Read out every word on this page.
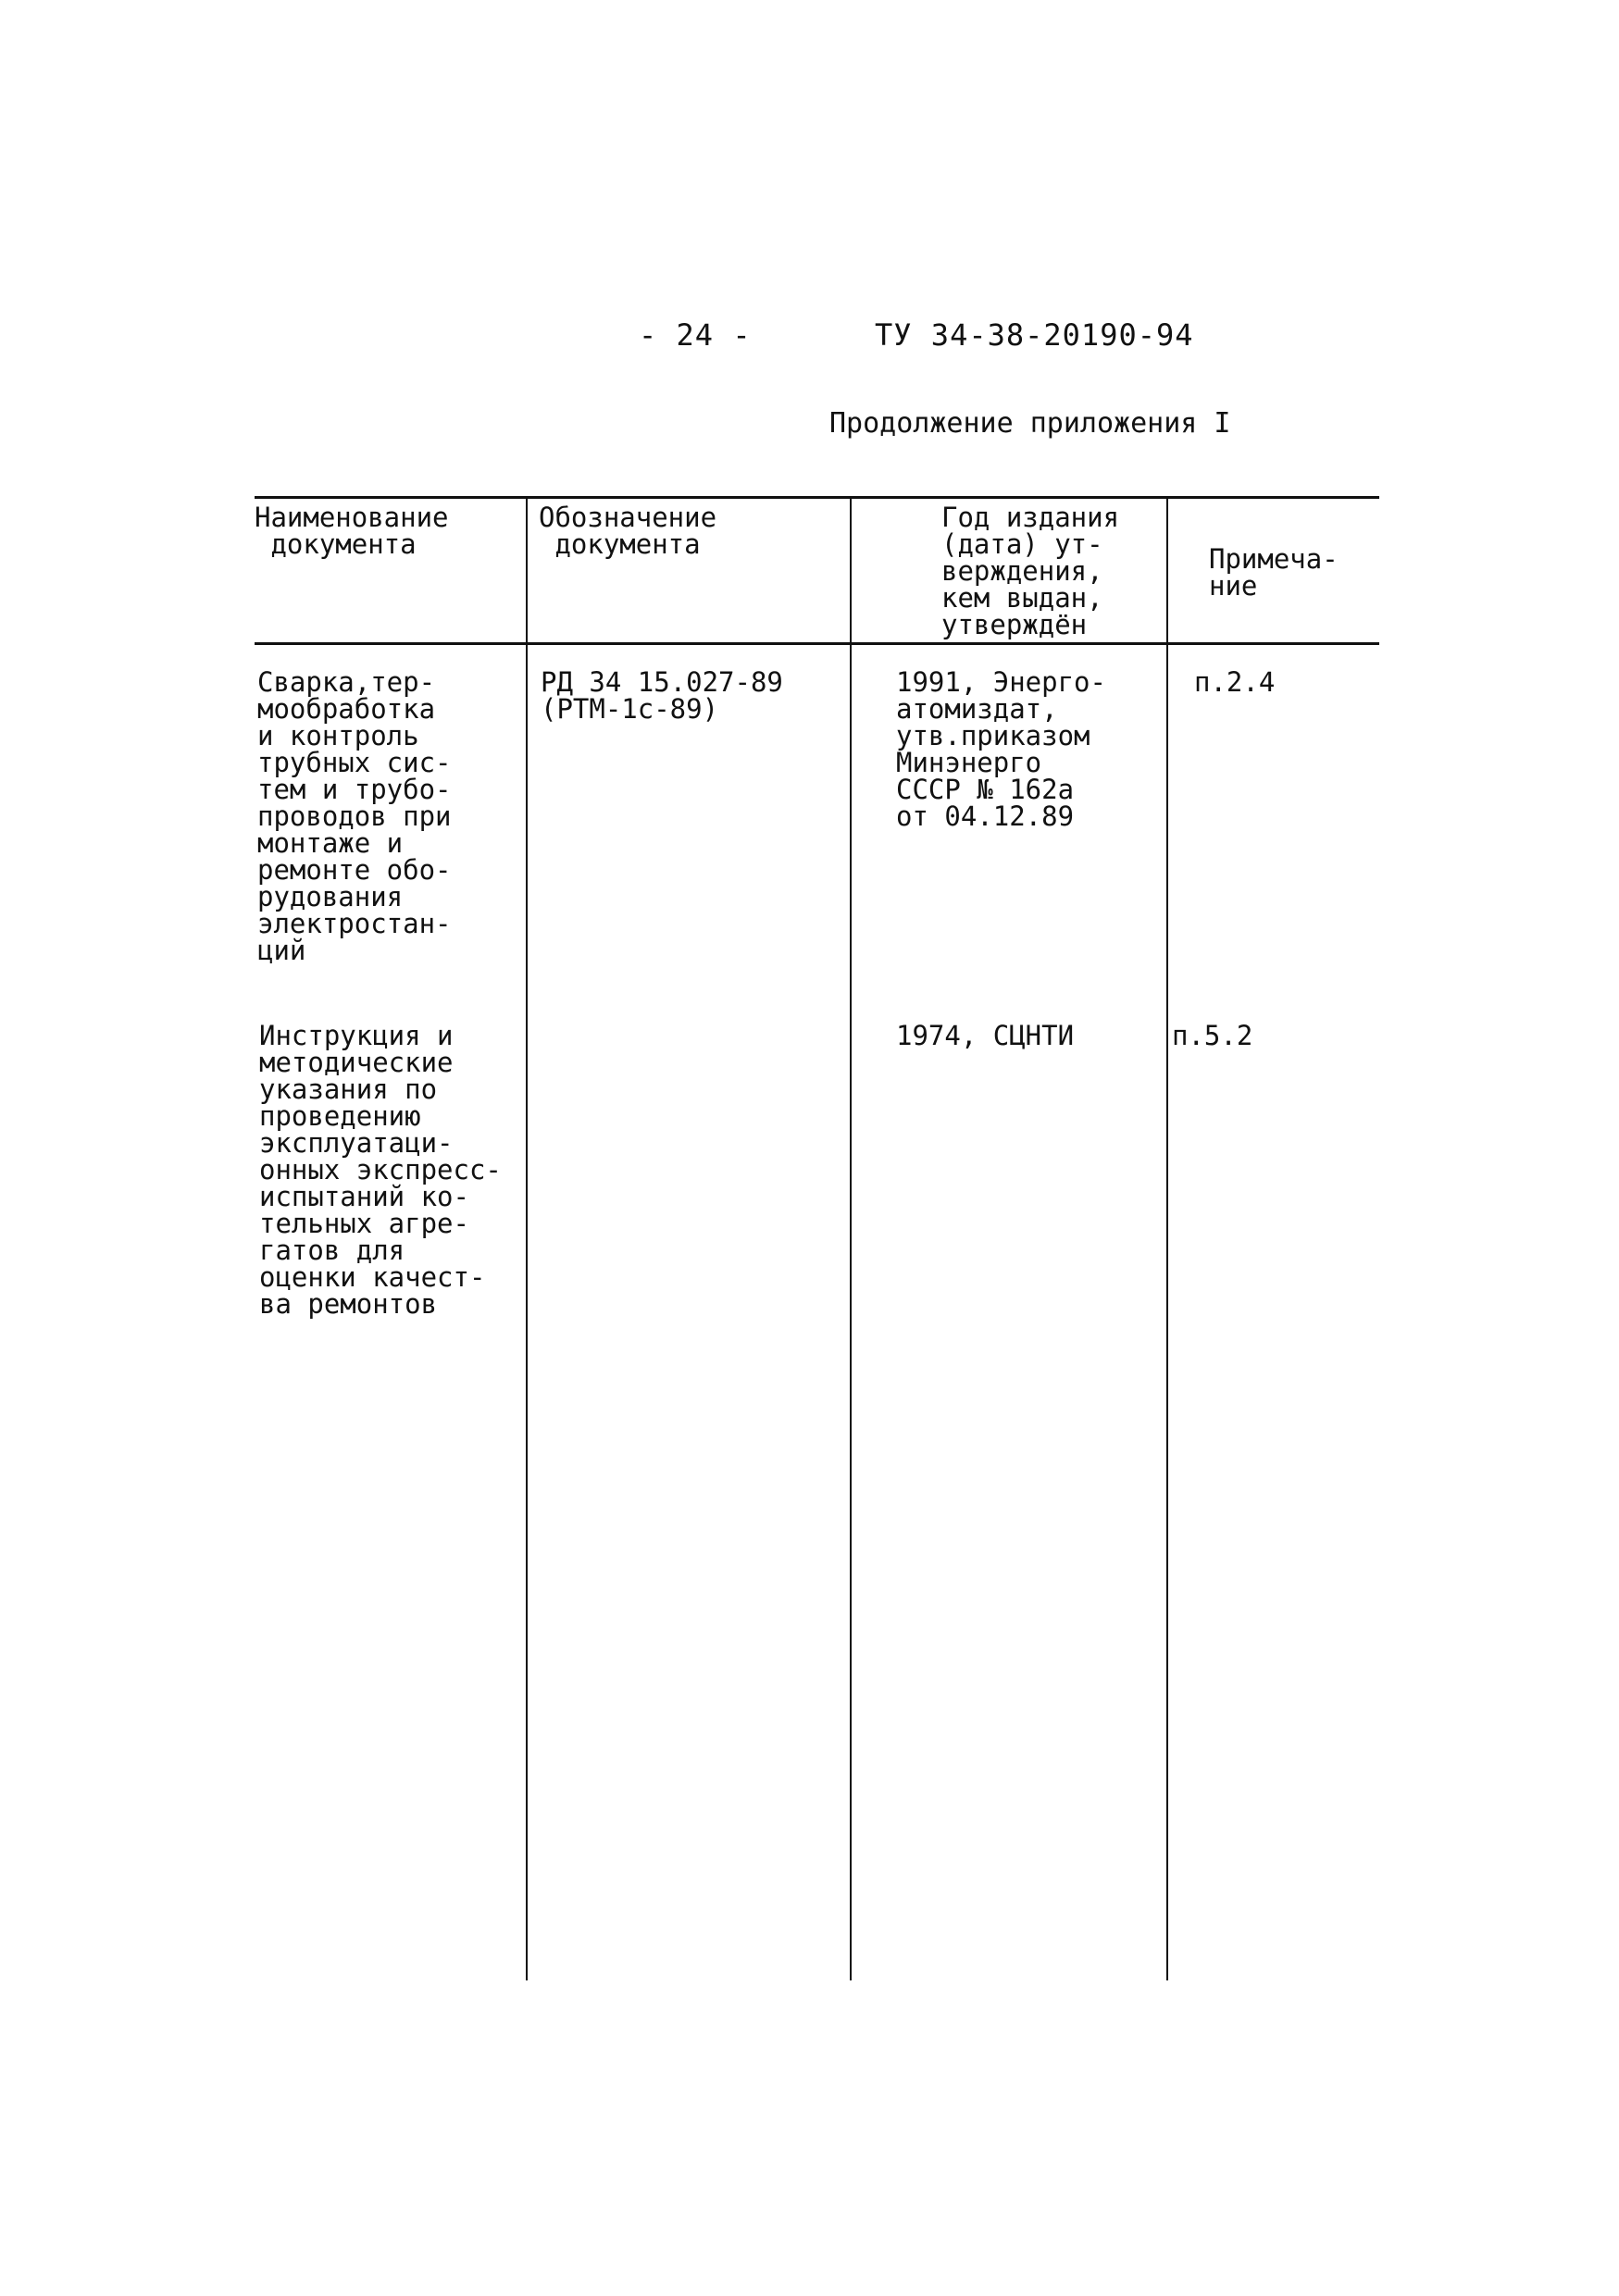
- 24 -	ТУ 34-38-20190-94
Продолжение приложения I
Наименование
документа
Обозначение
документа
Год издания
(дата) ут-
верждения,
кем выдан,
утверждён
Примеча-
ние
Сварка,тер-
мообработка
и контроль
трубных сис-
тем и трубо-
проводов при
монтаже и
ремонте обо-
рудования
электростан-
ций
РД 34 15.027-89
(РТМ-1с-89)
1991, Энерго-
атомиздат,
утв.приказом
Минэнерго
СССР № 162а
от 04.12.89
п.2.4
Инструкция и
методические
указания по
проведению
эксплуатаци-
онных экспресс-
испытаний ко-
тельных агре-
гатов для
оценки качест-
ва ремонтов
1974, СЦНТИ	п.5.2
